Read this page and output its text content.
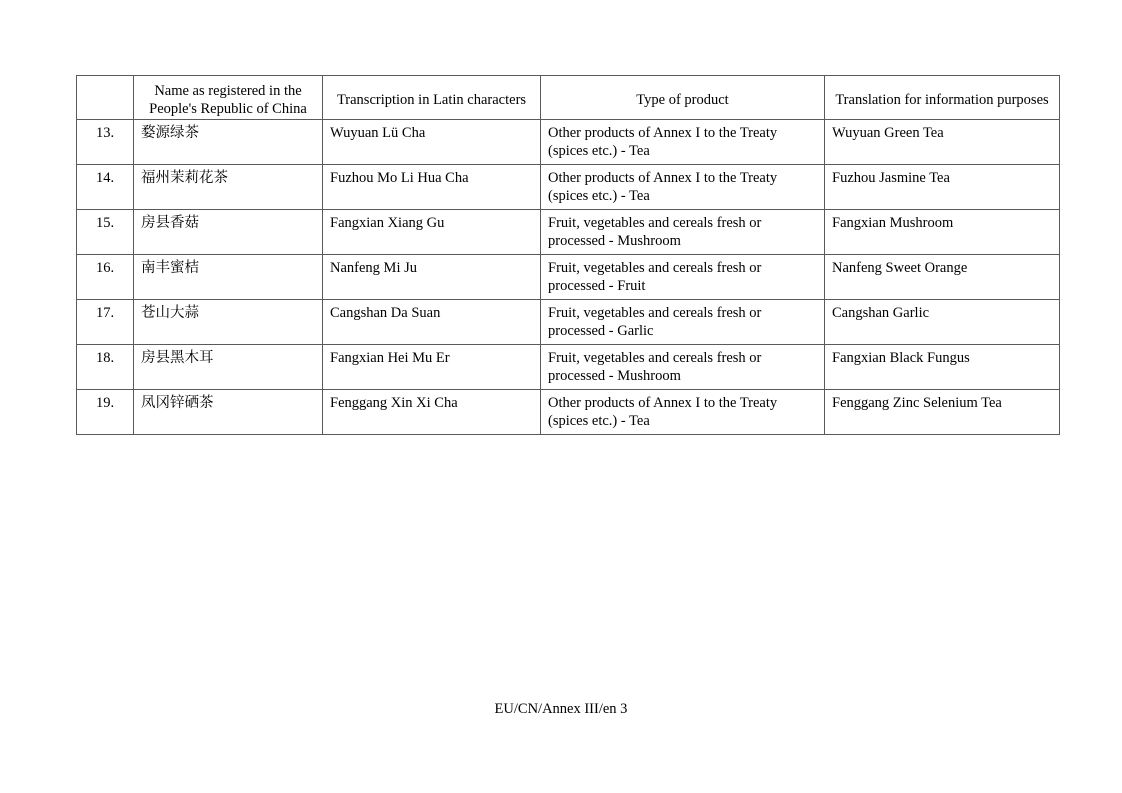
	Name as registered in the People's Republic of China	Transcription in Latin characters	Type of product	Translation for information purposes
13.	婺源绿茶	Wuyuan Lü Cha	Other products of Annex I to the Treaty (spices etc.) - Tea	Wuyuan Green Tea
14.	福州茉莉花茶	Fuzhou Mo Li Hua Cha	Other products of Annex I to the Treaty (spices etc.) - Tea	Fuzhou Jasmine Tea
15.	房县香菇	Fangxian Xiang Gu	Fruit, vegetables and cereals fresh or processed - Mushroom	Fangxian Mushroom
16.	南丰蜜桔	Nanfeng Mi Ju	Fruit, vegetables and cereals fresh or processed - Fruit	Nanfeng Sweet Orange
17.	苍山大蒜	Cangshan Da Suan	Fruit, vegetables and cereals fresh or processed - Garlic	Cangshan Garlic
18.	房县黑木耳	Fangxian Hei Mu Er	Fruit, vegetables and cereals fresh or processed - Mushroom	Fangxian Black Fungus
19.	凤冈锌硒茶	Fenggang Xin Xi Cha	Other products of Annex I to the Treaty (spices etc.) - Tea	Fenggang Zinc Selenium Tea
EU/CN/Annex III/en 3
